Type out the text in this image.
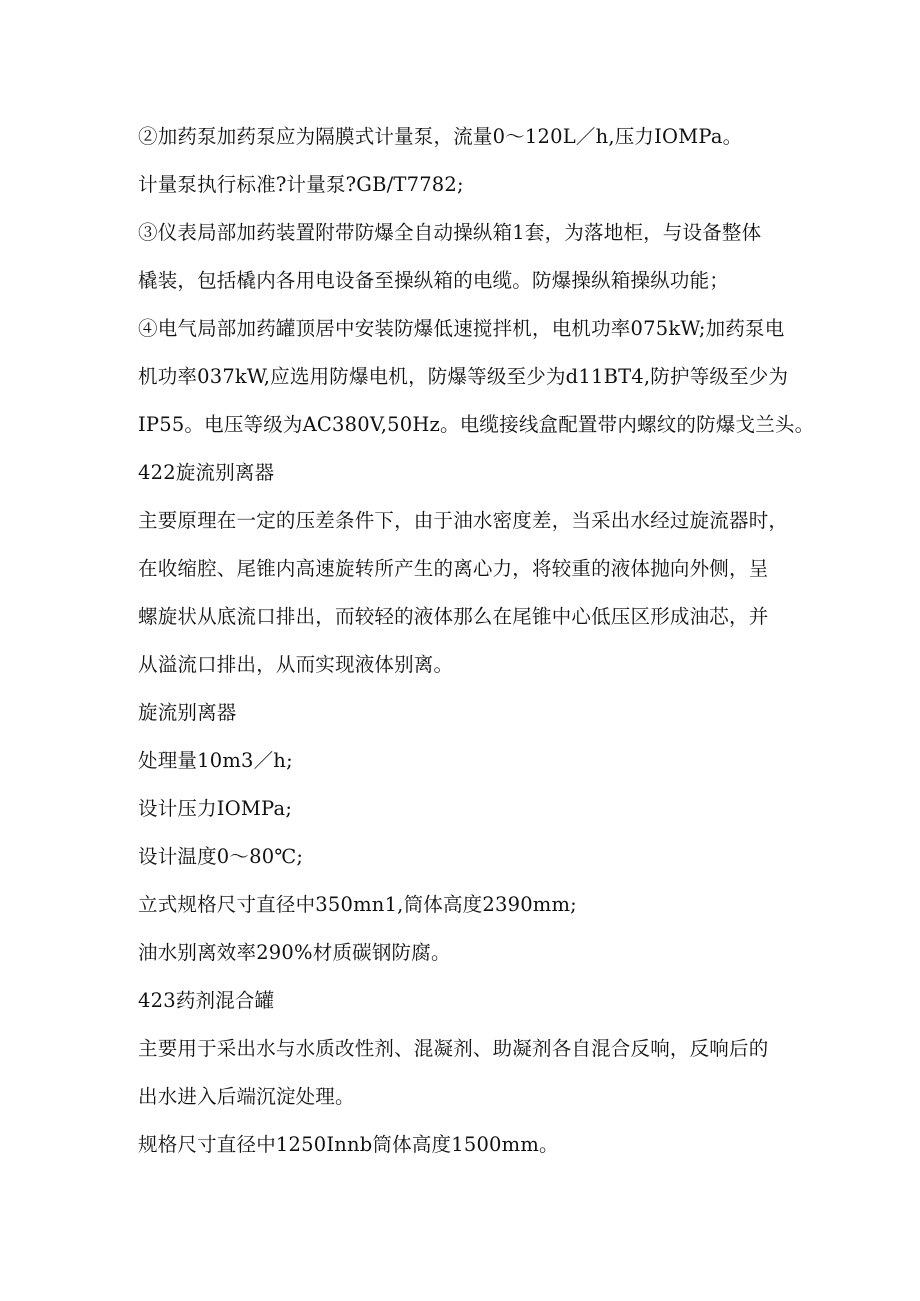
②加药泵加药泵应为隔膜式计量泵，流量0～120L／h,压力IOMPa。

计量泵执行标准?计量泵?GB/T7782;

③仪表局部加药装置附带防爆全自动操纵箱1套，为落地柜，与设备整体

橇装，包括橇内各用电设备至操纵箱的电缆。防爆操纵箱操纵功能；

④电气局部加药罐顶居中安装防爆低速搅拌机，电机功率075kW;加药泵电

机功率037kW,应选用防爆电机，防爆等级至少为d11BT4,防护等级至少为

IP55。电压等级为AC380V,50Hz。电缆接线盒配置带内螺纹的防爆戈兰头。

422旋流别离器

主要原理在一定的压差条件下，由于油水密度差，当采出水经过旋流器时，

在收缩腔、尾锥内高速旋转所产生的离心力，将较重的液体抛向外侧，呈

螺旋状从底流口排出，而较轻的液体那么在尾锥中心低压区形成油芯，并

从溢流口排出，从而实现液体别离。

旋流别离器

处理量10m3／h;

设计压力IOMPa;

设计温度0～80℃;

立式规格尺寸直径中350mn1,筒体高度2390mm;

油水别离效率290%材质碳钢防腐。

423药剂混合罐

主要用于采出水与水质改性剂、混凝剂、助凝剂各自混合反响，反响后的

出水进入后端沉淀处理。

规格尺寸直径中1250Innb筒体高度1500mm。
